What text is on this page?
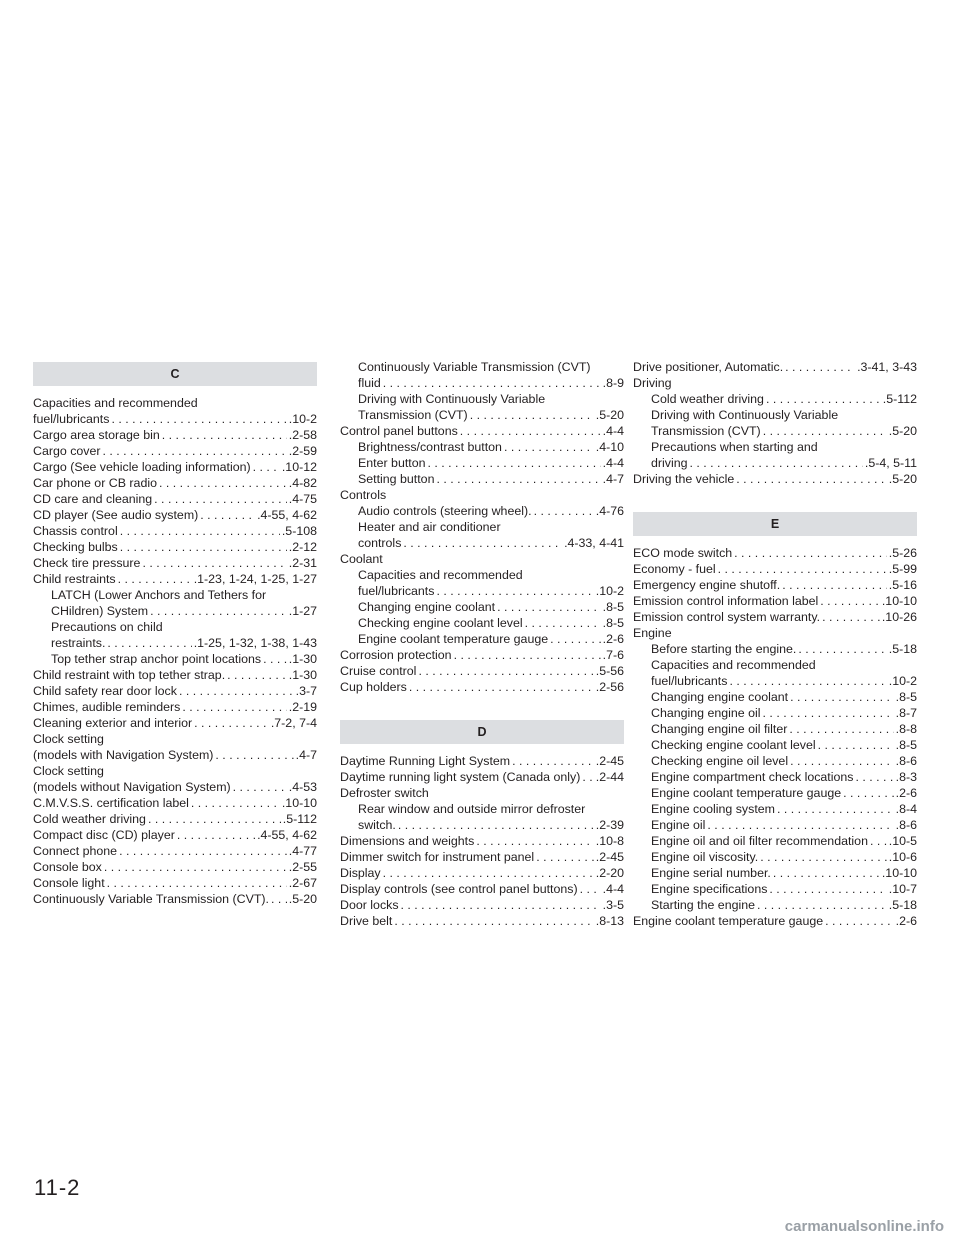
C
Capacities and recommended
fuel/lubricants . . .	.10-2
Cargo area storage bin . . .	.2-58
Cargo cover . . .	.2-59
Cargo (See vehicle loading information) . . .	.10-12
Car phone or CB radio . . .	.4-82
CD care and cleaning . . .	.4-75
CD player (See audio system) . . .	.4-55, 4-62
Chassis control . . .	.5-108
Checking bulbs . . .	.2-12
Check tire pressure . . .	.2-31
Child restraints . . .	.1-23, 1-24, 1-25, 1-27
LATCH (Lower Anchors and Tethers for
CHildren) System . . .	.1-27
Precautions on child
restraints. . . .	.1-25, 1-32, 1-38, 1-43
Top tether strap anchor point locations . . . .1-30
Child restraint with top tether strap. . . .	.1-30
Child safety rear door lock . . .	.3-7
Chimes, audible reminders . . .	.2-19
Cleaning exterior and interior . . .	.7-2, 7-4
Clock setting
(models with Navigation System) . . .	.4-7
Clock setting
(models without Navigation System) . . .	.4-53
C.M.V.S.S. certification label . . .	.10-10
Cold weather driving . . .	.5-112
Compact disc (CD) player . . .	.4-55, 4-62
Connect phone . . .	.4-77
Console box . . .	.2-55
Console light . . .	.2-67
Continuously Variable Transmission (CVT). . . . .5-20
Continuously Variable Transmission (CVT)
fluid . . .	.8-9
Driving with Continuously Variable
Transmission (CVT) . . .	.5-20
Control panel buttons . . .	.4-4
Brightness/contrast button . . .	.4-10
Enter button . . .	.4-4
Setting button . . .	.4-7
Controls
Audio controls (steering wheel). . . .	.4-76
Heater and air conditioner
controls . . .	.4-33, 4-41
Coolant
Capacities and recommended
fuel/lubricants . . .	.10-2
Changing engine coolant . . .	.8-5
Checking engine coolant level . . .	.8-5
Engine coolant temperature gauge . . .	.2-6
Corrosion protection . . .	.7-6
Cruise control . . .	.5-56
Cup holders . . .	.2-56
D
Daytime Running Light System . . .	.2-45
Daytime running light system (Canada only) . . . .2-44
Defroster switch
Rear window and outside mirror defroster
switch. . . .	.2-39
Dimensions and weights . . .	.10-8
Dimmer switch for instrument panel . . .	.2-45
Display . . .	.2-20
Display controls (see control panel buttons) . . . .4-4
Door locks . . .	.3-5
Drive belt . . .	.8-13
Drive positioner, Automatic. . . .	.3-41, 3-43
Driving
Cold weather driving . . .	.5-112
Driving with Continuously Variable
Transmission (CVT) . . .	.5-20
Precautions when starting and
driving . . .	.5-4, 5-11
Driving the vehicle . . .	.5-20
E
ECO mode switch . . .	.5-26
Economy - fuel . . .	.5-99
Emergency engine shutoff. . . .	.5-16
Emission control information label . . .	.10-10
Emission control system warranty. . . .	.10-26
Engine
Before starting the engine. . . .	.5-18
Capacities and recommended
fuel/lubricants . . .	.10-2
Changing engine coolant . . .	.8-5
Changing engine oil . . .	.8-7
Changing engine oil filter . . .	.8-8
Checking engine coolant level . . .	.8-5
Checking engine oil level . . .	.8-6
Engine compartment check locations . . .	.8-3
Engine coolant temperature gauge . . .	.2-6
Engine cooling system . . .	.8-4
Engine oil . . .	.8-6
Engine oil and oil filter recommendation . . . .10-5
Engine oil viscosity. . . .	.10-6
Engine serial number. . . .	.10-10
Engine specifications . . .	.10-7
Starting the engine . . .	.5-18
Engine coolant temperature gauge . . .	.2-6
11-2
carmanualsonline.info
